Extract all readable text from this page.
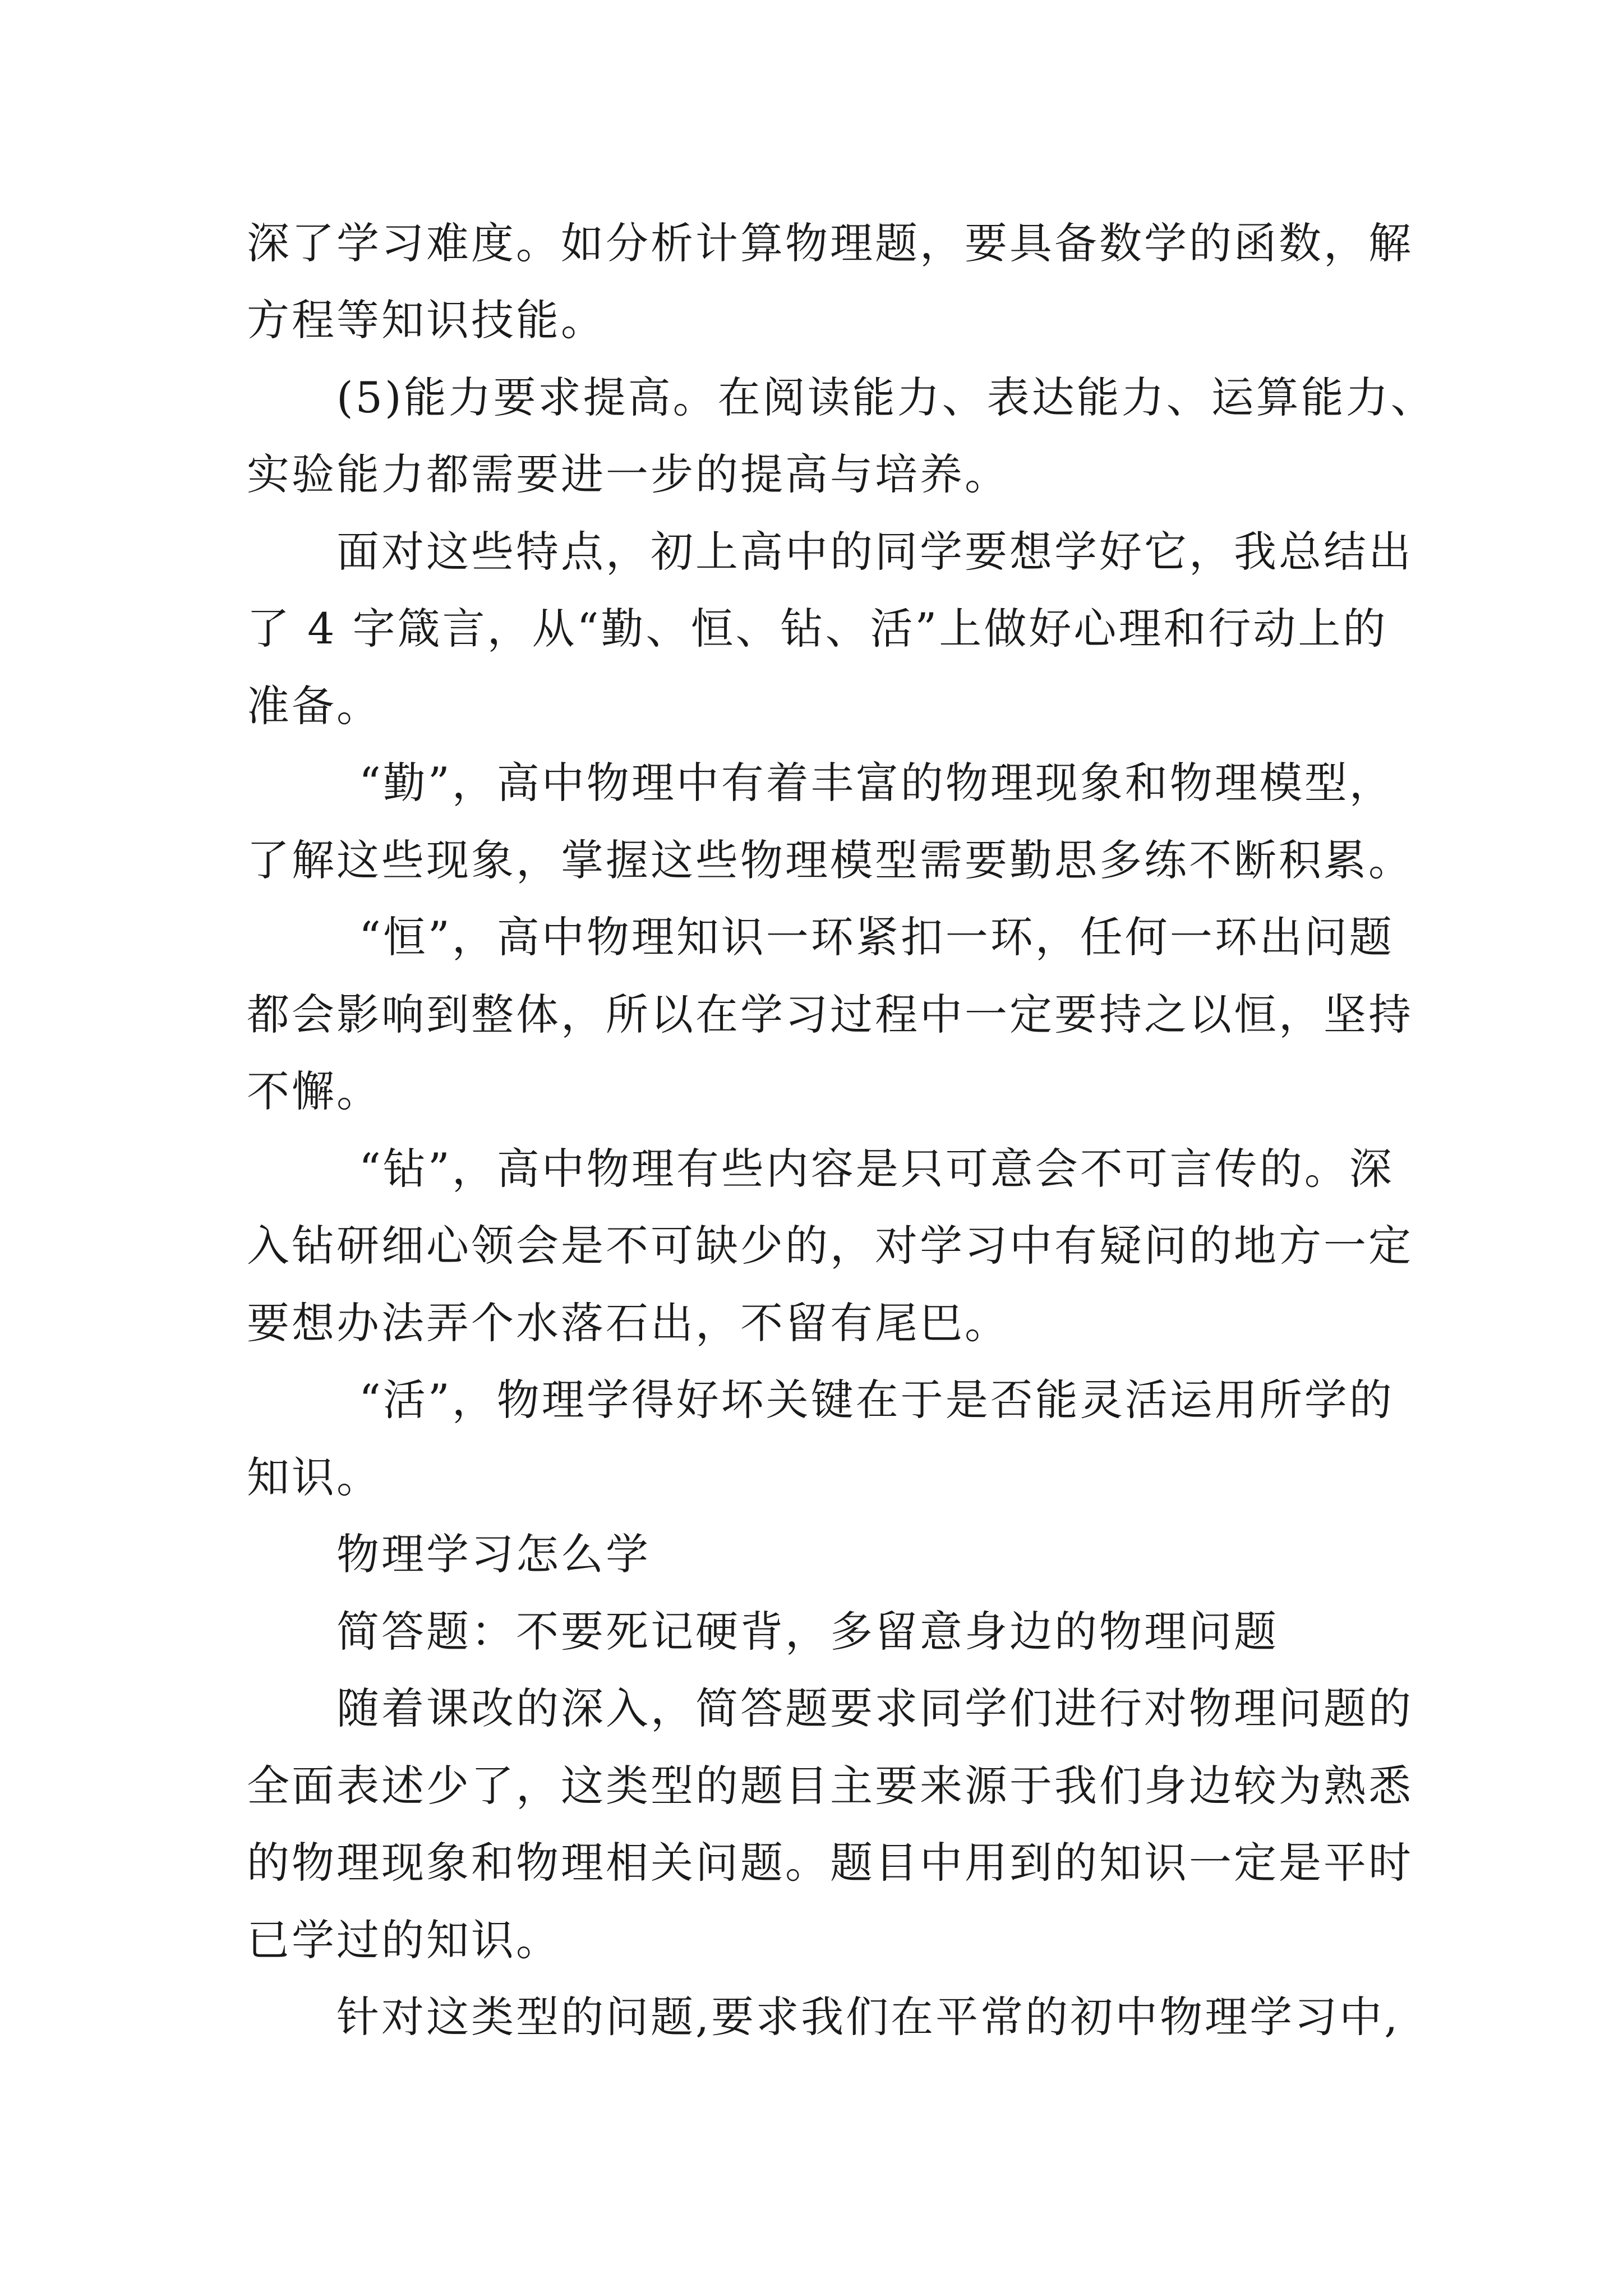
深了学习难度。如分析计算物理题，要具备数学的函数，解
方程等知识技能。
(5)能力要求提高。在阅读能力、表达能力、运算能力、
实验能力都需要进一步的提高与培养。
面对这些特点，初上高中的同学要想学好它，我总结出
了 4 字箴言，从“勤、恒、钻、活”上做好心理和行动上的
准备。
“勤”，高中物理中有着丰富的物理现象和物理模型，
了解这些现象，掌握这些物理模型需要勤思多练不断积累。
“恒”，高中物理知识一环紧扣一环，任何一环出问题
都会影响到整体，所以在学习过程中一定要持之以恒，坚持
不懈。
“钻”，高中物理有些内容是只可意会不可言传的。深
入钻研细心领会是不可缺少的，对学习中有疑问的地方一定
要想办法弄个水落石出，不留有尾巴。
“活”，物理学得好坏关键在于是否能灵活运用所学的
知识。
物理学习怎么学
简答题：不要死记硬背，多留意身边的物理问题
随着课改的深入，简答题要求同学们进行对物理问题的
全面表述少了，这类型的题目主要来源于我们身边较为熟悉
的物理现象和物理相关问题。题目中用到的知识一定是平时
已学过的知识。
针对这类型的问题,要求我们在平常的初中物理学习中,
